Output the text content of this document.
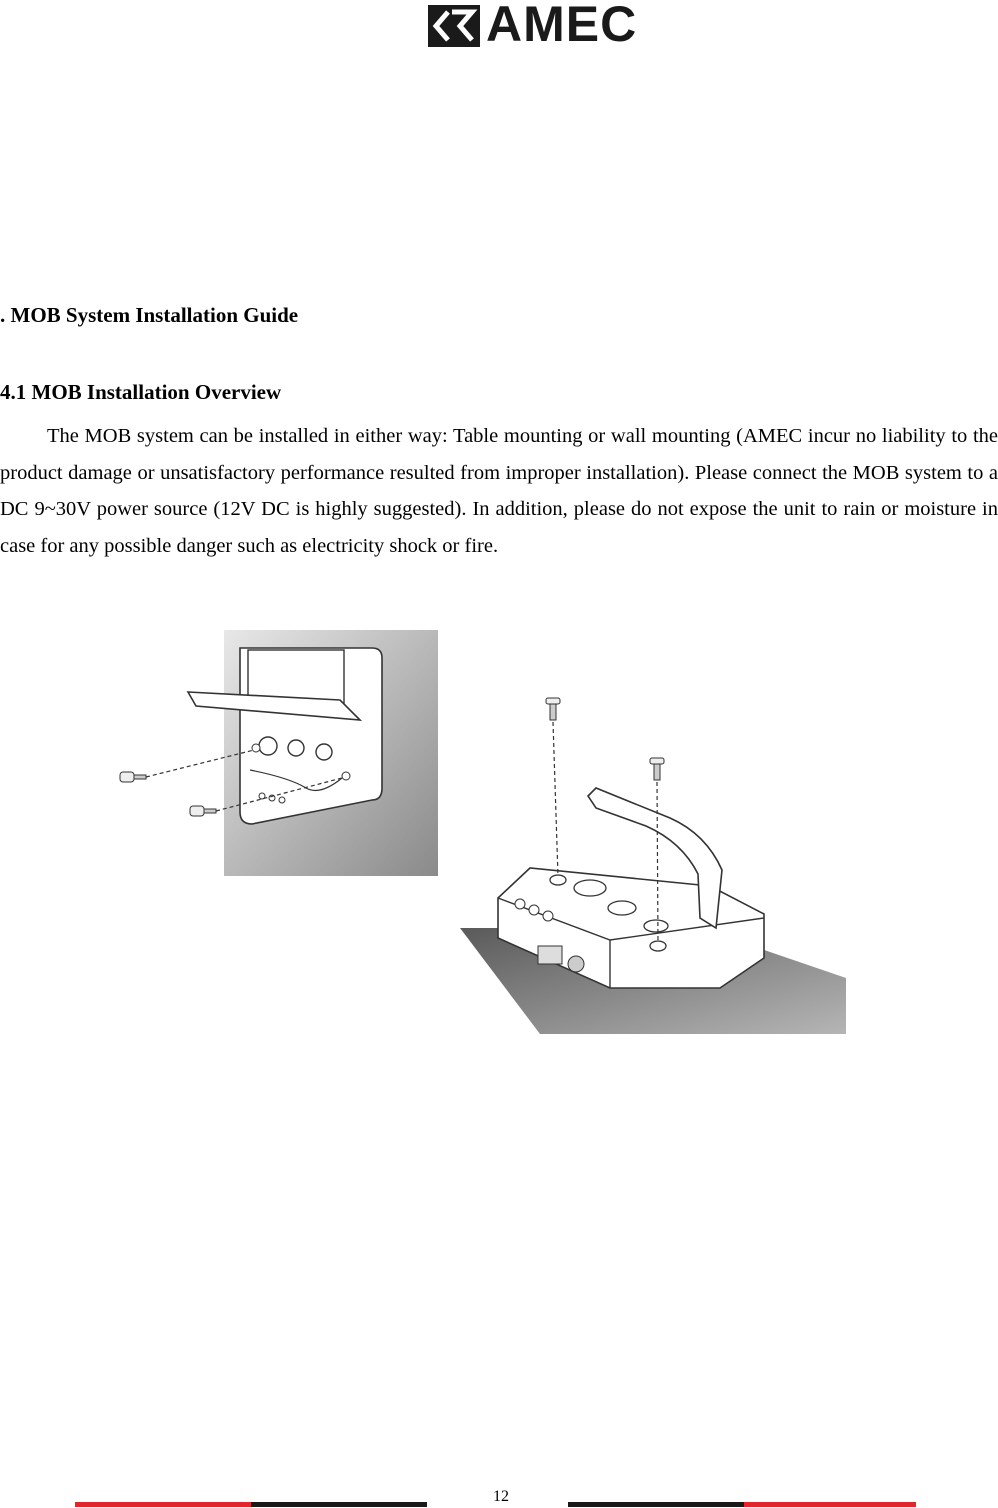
AMEC
. MOB System Installation Guide
4.1 MOB Installation Overview

The MOB system can be installed in either way: Table mounting or wall mounting (AMEC incur no liability to the product damage or unsatisfactory performance resulted from improper installation). Please connect the MOB system to a DC 9~30V power source (12V DC is highly suggested). In addition, please do not expose the unit to rain or moisture in case for any possible danger such as electricity shock or fire.

12
